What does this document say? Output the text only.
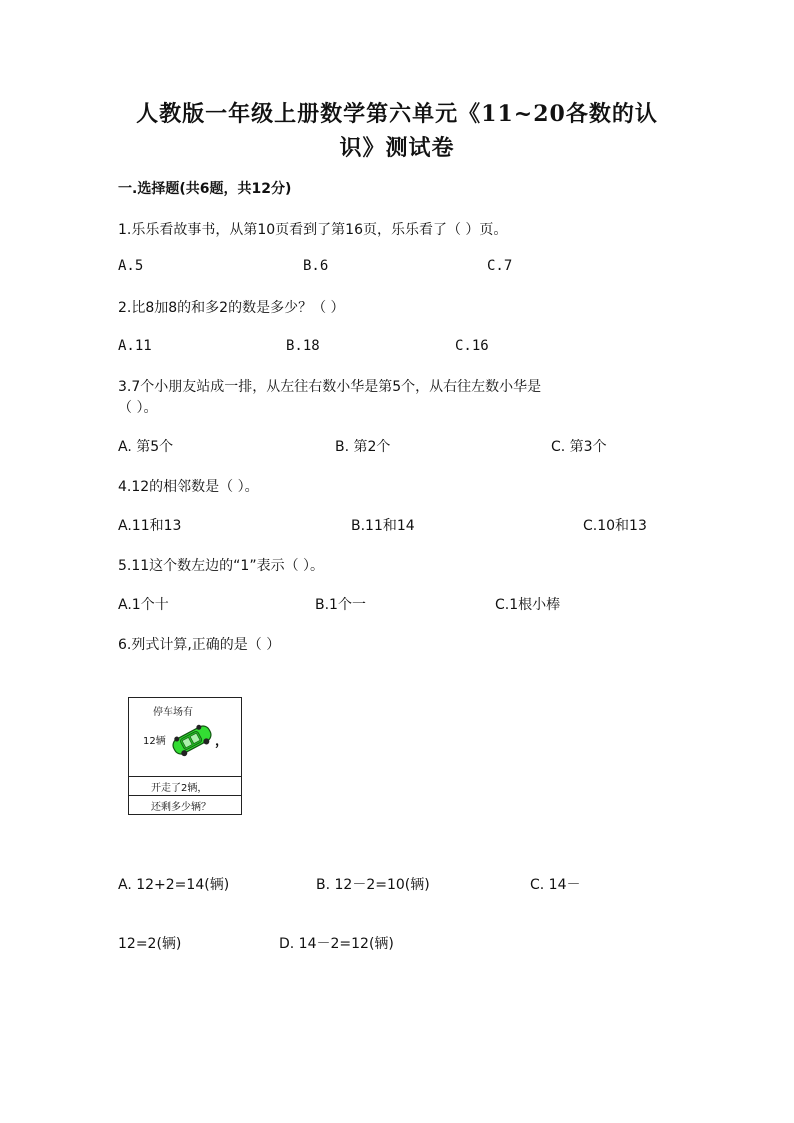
人教版一年级上册数学第六单元《11~20各数的认
识》测试卷
一.选择题(共6题，共12分)
1.乐乐看故事书，从第10页看到了第16页，乐乐看了（ ）页。
A.5	B.6	C.7
2.比8加8的和多2的数是多少？（ ）
A.11	B.18	C.16
3.7个小朋友站成一排，从左往右数小华是第5个，从右往左数小华是
（ ）。
A. 第5个	B. 第2个	C. 第3个
4.12的相邻数是（ ）。
A.11和13	B.11和14	C.10和13
5.11这个数左边的“1”表示（ ）。
A.1个十	B.1个一	C.1根小棒
6.列式计算,正确的是（ ）
停车场有
12辆	，
开走了2辆，
还剩多少辆？
A. 12+2=14(辆)	B. 12－2=10(辆)	C. 14－
12=2(辆)	D. 14－2=12(辆)
